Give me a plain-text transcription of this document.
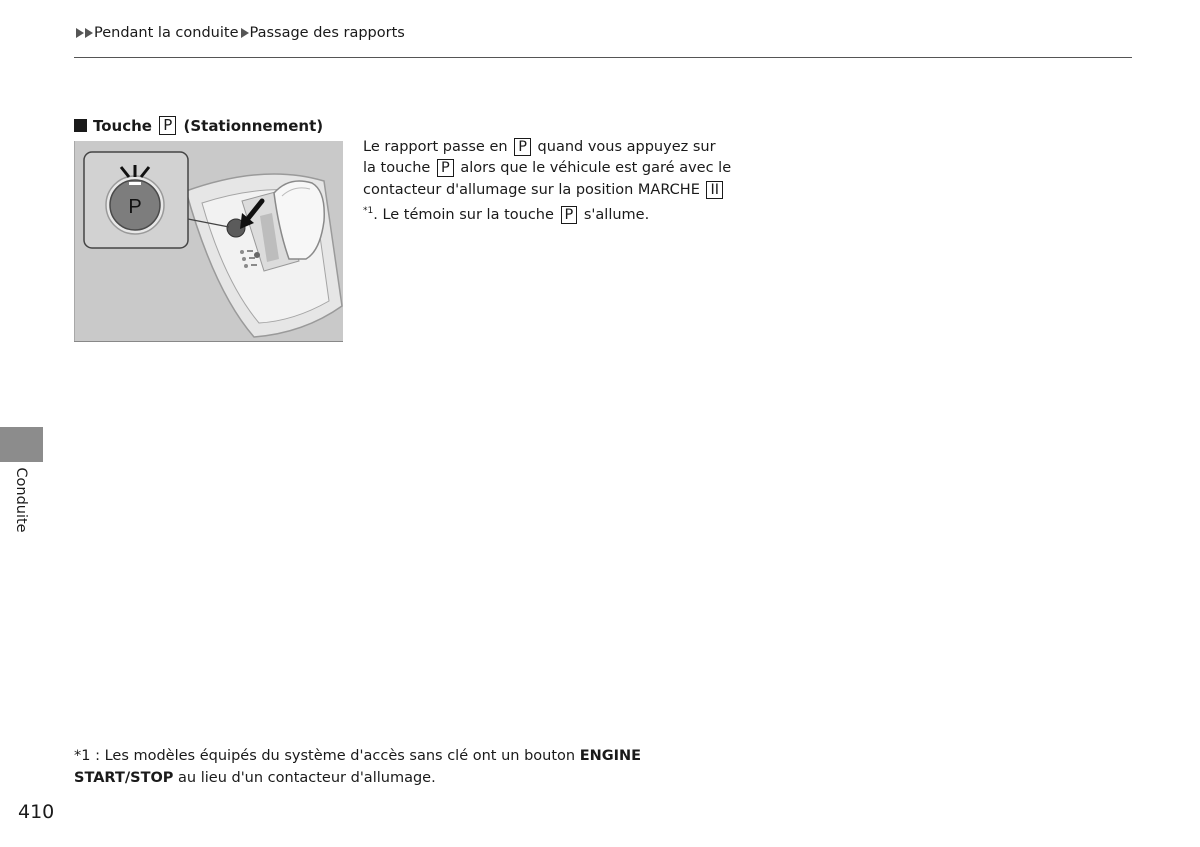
Pendant la conduite Passage des rapports
Touche
P
(Stationnement)
P
Le rapport passe en P quand vous appuyez sur la touche P alors que le véhicule est garé avec le contacteur d'allumage sur la position MARCHE II$^{*1}$. Le témoin sur la touche P s'allume.
Conduite
*1 : Les modèles équipés du système d'accès sans clé ont un bouton ENGINE START/STOP au lieu d'un contacteur d'allumage.
410
